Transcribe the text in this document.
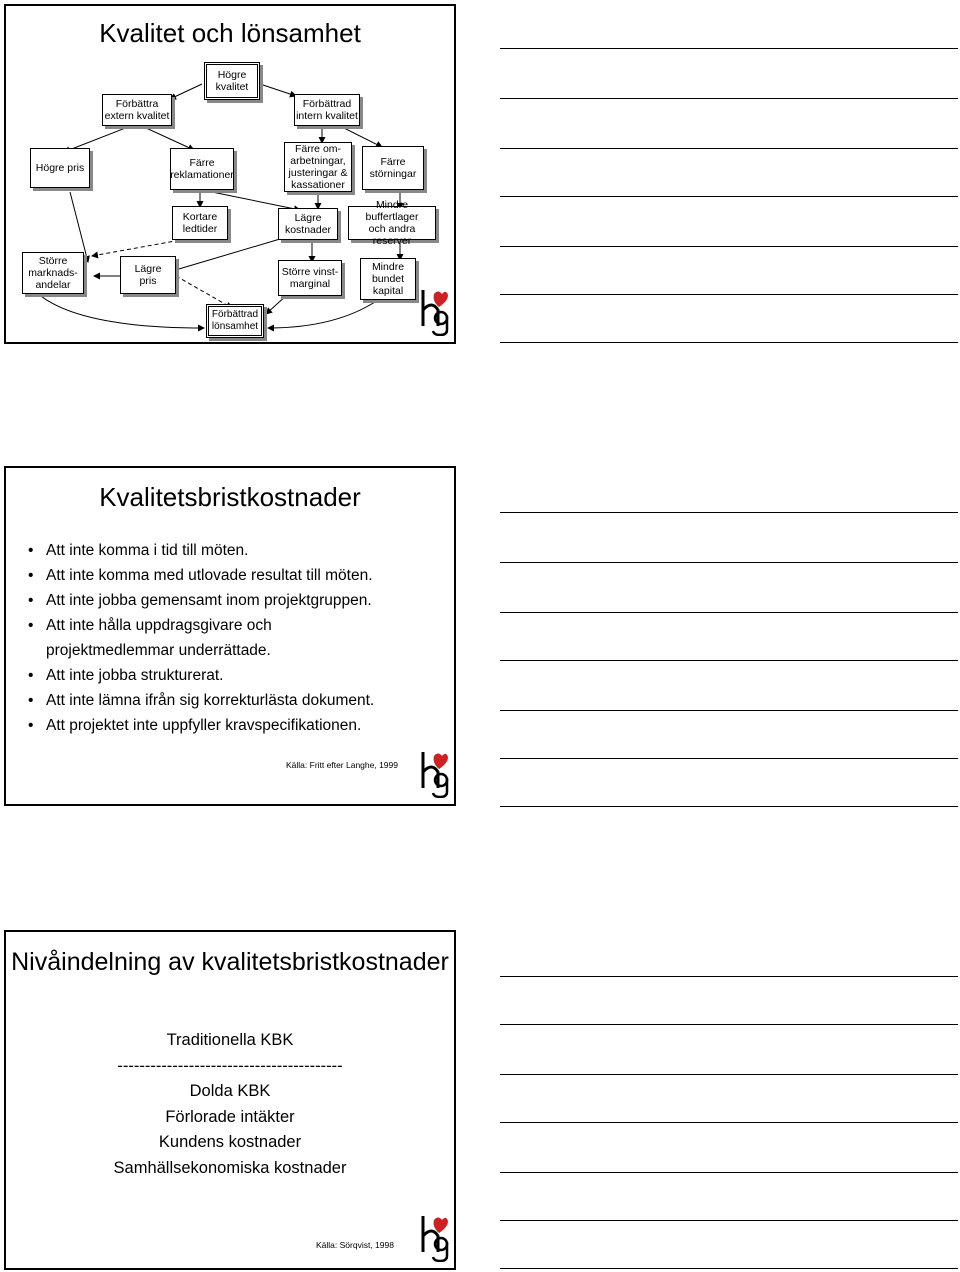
Kvalitet och lönsamhet
Högre
kvalitet
Förbättra
extern kvalitet
Förbättrad
intern kvalitet
Högre pris	Färre
reklamationer
Färre om-
arbetningar,
justeringar &
kassationer
Färre
störningar
Kortare
ledtider
Lägre
kostnader
Mindre buffertlager
och andra reserver
Större
marknads-
andelar
Lägre
pris
Större vinst-
marginal
Mindre
bundet
kapital
Förbättrad
lönsamhet
Kvalitetsbristkostnader
• Att inte komma i tid till möten.
• Att inte komma med utlovade resultat till möten.
• Att inte jobba gemensamt inom projektgruppen.
• Att inte hålla uppdragsgivare och projektmedlemmar underrättade.
• Att inte jobba strukturerat.
• Att inte lämna ifrån sig korrekturlästa dokument.
• Att projektet inte uppfyller kravspecifikationen.
Källa: Fritt efter Langhe, 1999
Nivåindelning av kvalitetsbristkostnader
Traditionella KBK
-----------------------------------------
Dolda KBK
Förlorade intäkter
Kundens kostnader
Samhällsekonomiska kostnader
Källa: Sörqvist, 1998
